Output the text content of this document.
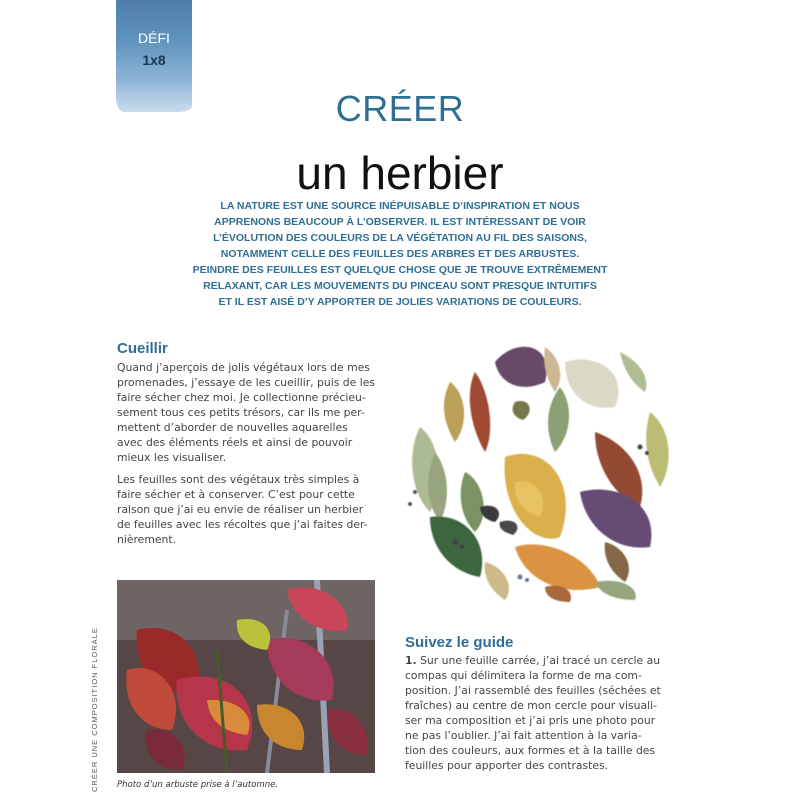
DÉFI
1x8
CRÉER
un herbier
LA NATURE EST UNE SOURCE INÉPUISABLE D’INSPIRATION ET NOUS
APPRENONS BEAUCOUP À L’OBSERVER. IL EST INTÉRESSANT DE VOIR
L’ÉVOLUTION DES COULEURS DE LA VÉGÉTATION AU FIL DES SAISONS,
NOTAMMENT CELLE DES FEUILLES DES ARBRES ET DES ARBUSTES.
PEINDRE DES FEUILLES EST QUELQUE CHOSE QUE JE TROUVE EXTRÊMEMENT
RELAXANT, CAR LES MOUVEMENTS DU PINCEAU SONT PRESQUE INTUITIFS
ET IL EST AISÉ D’Y APPORTER DE JOLIES VARIATIONS DE COULEURS.
Cueillir
Quand j’aperçois de jolis végétaux lors de mes
promenades, j’essaye de les cueillir, puis de les
faire sécher chez moi. Je collectionne précieu-
sement tous ces petits trésors, car ils me per-
mettent d’aborder de nouvelles aquarelles
avec des éléments réels et ainsi de pouvoir
mieux les visualiser.
Les feuilles sont des végétaux très simples à
faire sécher et à conserver. C’est pour cette
raison que j’ai eu envie de réaliser un herbier
de feuilles avec les récoltes que j’ai faites der-
nièrement.
Photo d’un arbuste prise à l’automne.
Suivez le guide
1. Sur une feuille carrée, j’ai tracé un cercle au
compas qui délimitera la forme de ma com-
position. J’ai rassemblé des feuilles (séchées et
fraîches) au centre de mon cercle pour visuali-
ser ma composition et j’ai pris une photo pour
ne pas l’oublier. J’ai fait attention à la varia-
tion des couleurs, aux formes et à la taille des
feuilles pour apporter des contrastes.
CRÉER UNE COMPOSITION FLORALE
